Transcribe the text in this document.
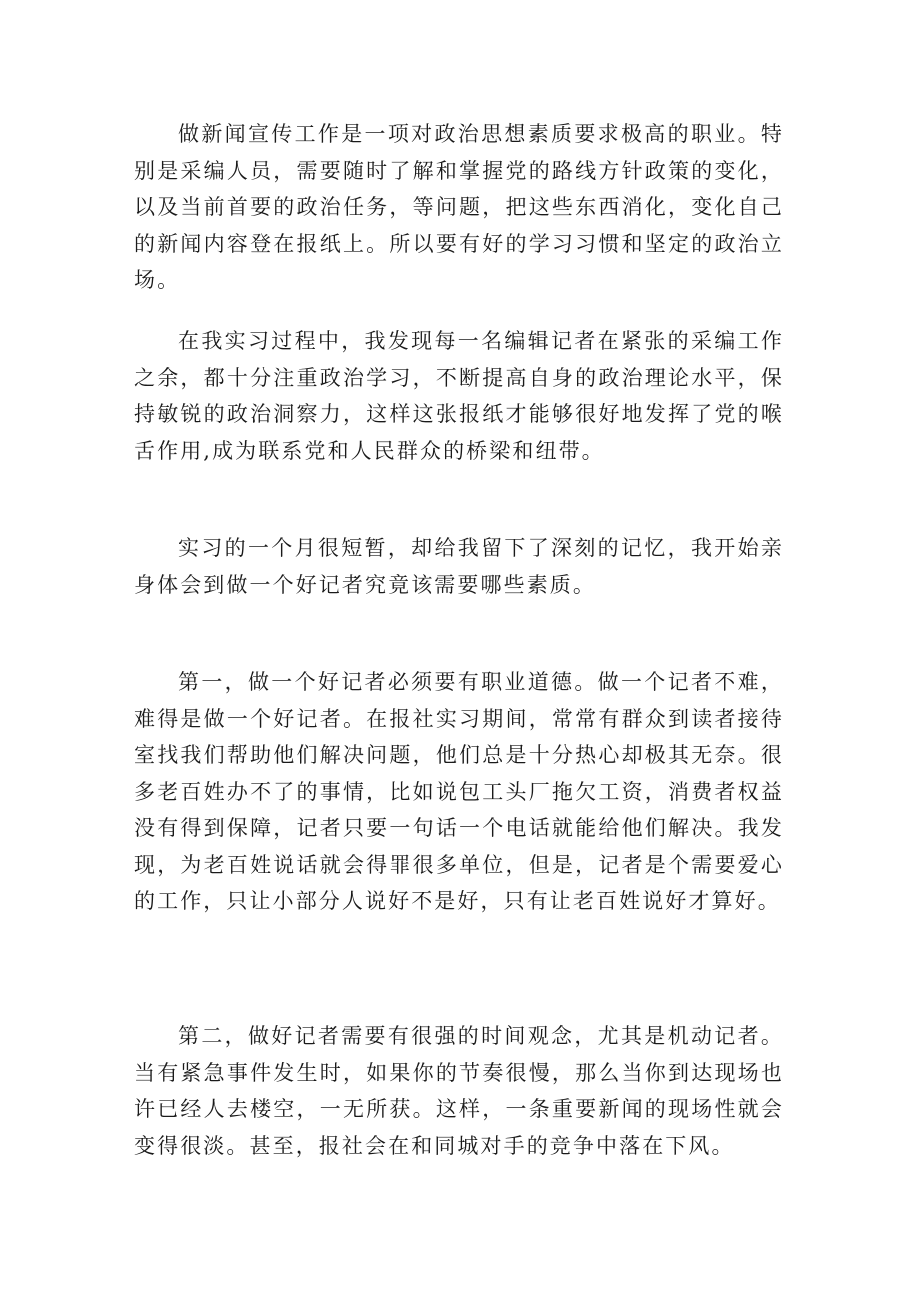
做新闻宣传工作是一项对政治思想素质要求极高的职业。特别是采编人员，需要随时了解和掌握党的路线方针政策的变化，以及当前首要的政治任务，等问题，把这些东西消化，变化自己的新闻内容登在报纸上。所以要有好的学习习惯和坚定的政治立场。

在我实习过程中，我发现每一名编辑记者在紧张的采编工作之余，都十分注重政治学习，不断提高自身的政治理论水平，保持敏锐的政治洞察力，这样这张报纸才能够很好地发挥了党的喉舌作用,成为联系党和人民群众的桥梁和纽带。

实习的一个月很短暂，却给我留下了深刻的记忆，我开始亲身体会到做一个好记者究竟该需要哪些素质。

第一，做一个好记者必须要有职业道德。做一个记者不难，难得是做一个好记者。在报社实习期间，常常有群众到读者接待室找我们帮助他们解决问题，他们总是十分热心却极其无奈。很多老百姓办不了的事情，比如说包工头厂拖欠工资，消费者权益没有得到保障，记者只要一句话一个电话就能给他们解决。我发现，为老百姓说话就会得罪很多单位，但是，记者是个需要爱心的工作，只让小部分人说好不是好，只有让老百姓说好才算好。

第二，做好记者需要有很强的时间观念，尤其是机动记者。当有紧急事件发生时，如果你的节奏很慢，那么当你到达现场也许已经人去楼空，一无所获。这样，一条重要新闻的现场性就会变得很淡。甚至，报社会在和同城对手的竞争中落在下风。
